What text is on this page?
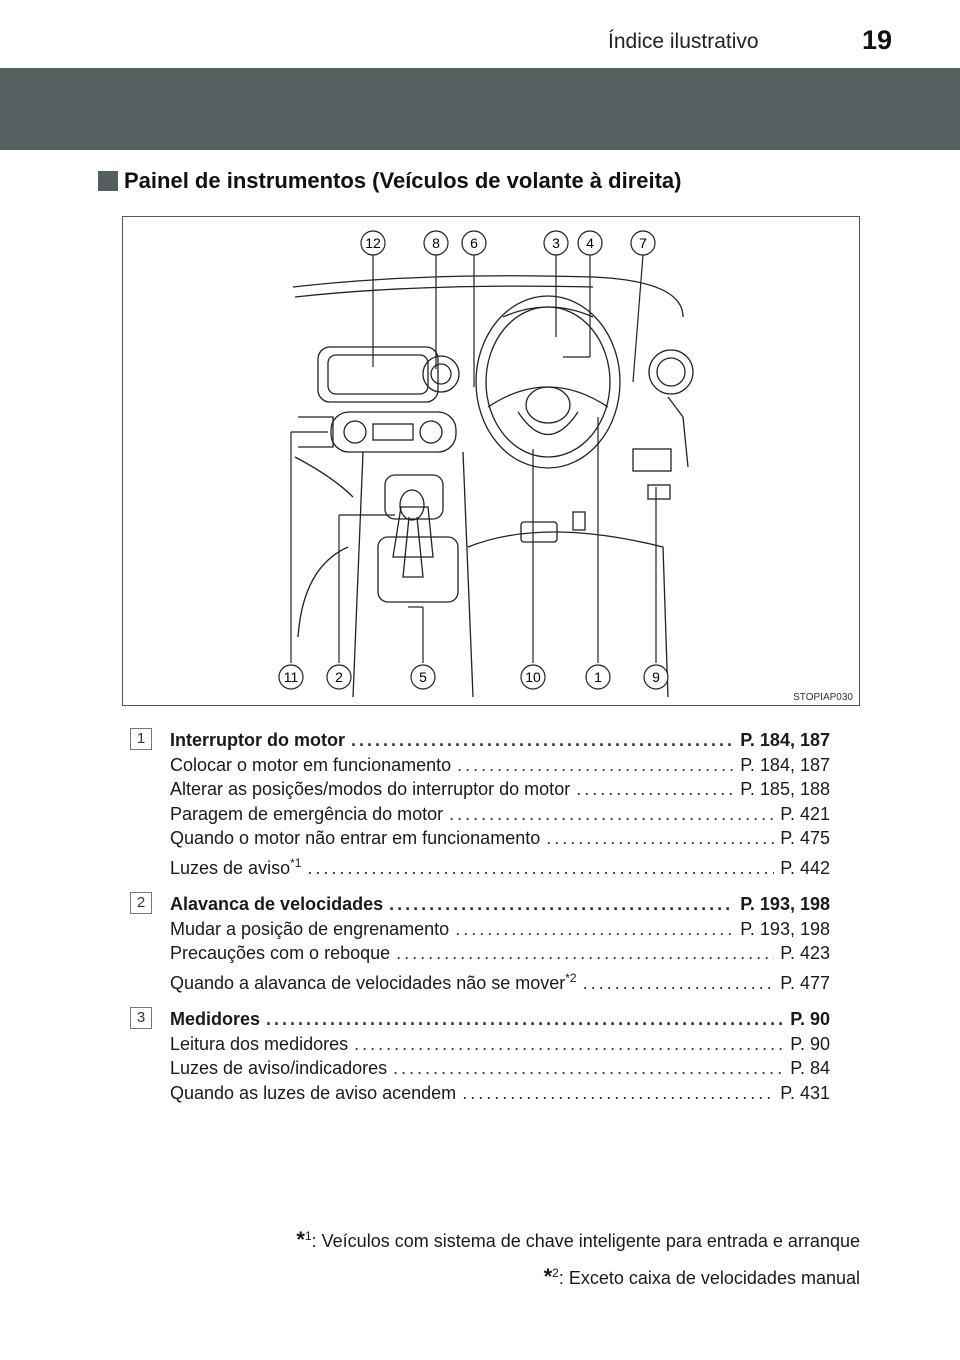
Índice ilustrativo	19
Painel de instrumentos (Veículos de volante à direita)
12	8 6	3 4	7
11	2	5	10	1	9
STOPIAP030
1	Interruptor do motor .....	P. 184, 187
Colocar o motor em funcionamento .....	P. 184, 187
Alterar as posições/modos do interruptor do motor .....	P. 185, 188
Paragem de emergência do motor .....	P. 421
Quando o motor não entrar em funcionamento .....	P. 475
Luzes de aviso$^{*1}$ .....	P. 442
2	Alavanca de velocidades .....	P. 193, 198
Mudar a posição de engrenamento .....	P. 193, 198
Precauções com o reboque .....	P. 423
Quando a alavanca de velocidades não se mover$^{*2}$ .....	P. 477
3	Medidores .....	P. 90
Leitura dos medidores .....	P. 90
Luzes de aviso/indicadores .....	P. 84
Quando as luzes de aviso acendem .....	P. 431
*$^1$: Veículos com sistema de chave inteligente para entrada e arranque
*$^2$: Exceto caixa de velocidades manual
